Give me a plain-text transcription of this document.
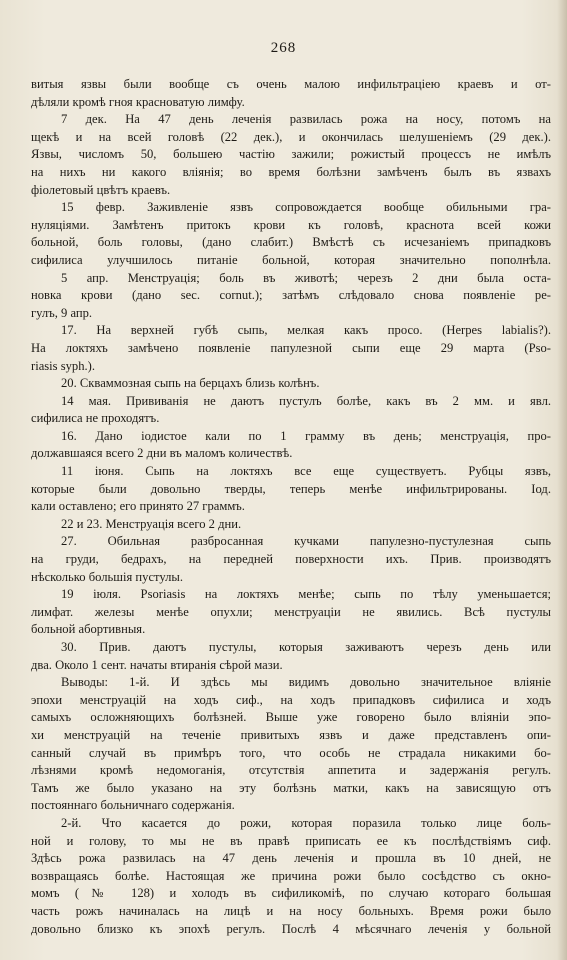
268
витыя язвы были вообще съ очень малою инфильтрацiею краевъ и от-
дѣляли кромѣ гноя красноватую лимфу.
7 дек. На 47 день леченiя развилась рожа на носу, потомъ на
щекѣ и на всей головѣ (22 дек.), и окончилась шелушенiемъ (29 дек.).
Язвы, числомъ 50, большею частiю зажили; рожистый процессъ не имѣлъ
на нихъ ни какого влiянiя; во время болѣзни замѣченъ былъ въ язвахъ
фiолетовый цвѣтъ краевъ.
15 февр. Заживленiе язвъ сопровождается вообще обильными гра-
нуляцiями. Замѣтенъ притокъ крови къ головѣ, краснота всей кожи
больной, боль головы, (дано слабит.) Вмѣстѣ съ исчезанiемъ припадковъ
сифилиса улучшилось питанiе больной, которая значительно пополнѣла.
5 апр. Менструацiя; боль въ животѣ; черезъ 2 дни была оста-
новка крови (дано sec. cornut.); затѣмъ слѣдовало снова появленiе ре-
гулъ, 9 апр.
17. На верхней губѣ сыпь, мелкая какъ просо. (Herpes labialis?).
На локтяхъ замѣчено появленiе папулезной сыпи еще 29 марта (Pso-
riasis syph.).
20. Скваммозная сыпь на берцахъ близь колѣнъ.
14 мая. Прививанiя не даютъ пустулъ болѣе, какъ въ 2 мм. и явл.
сифилиса не проходятъ.
16. Дано iодистое кали по 1 грамму въ день; менструацiя, про-
должавшаяся всего 2 дни въ маломъ количествѣ.
11 iюня. Сыпь на локтяхъ все еще существуетъ. Рубцы язвъ,
которые были довольно тверды, теперь менѣе инфильтрированы. Iод.
кали оставлено; его принято 27 граммъ.
22 и 23. Менструацiя всего 2 дни.
27. Обильная разбросанная кучками папулезно-пустулезная сыпь
на груди, бедрахъ, на передней поверхности ихъ. Прив. производятъ
нѣсколько большiя пустулы.
19 iюля. Psoriasis на локтяхъ менѣе; сыпь по тѣлу уменьшается;
лимфат. железы менѣе опухли; менструацiи не явились. Всѣ пустулы
больной абортивныя.
30. Прив. даютъ пустулы, которыя заживаютъ черезъ день или
два. Около 1 сент. начаты втиранiя сѣрой мази.
Выводы: 1-й. И здѣсь мы видимъ довольно значительное влiянiе
эпохи менструацiй на ходъ сиф., на ходъ припадковъ сифилиса и ходъ
самыхъ осложняющихъ болѣзней. Выше уже говорено было влiянiи эпо-
хи менструацiй на теченiе привитыхъ язвъ и даже представленъ опи-
санный случай въ примѣръ того, что особь не страдала никакими бо-
лѣзнями кромѣ недомоганiя, отсутствiя аппетита и задержанiя регулъ.
Тамъ же было указано на эту болѣзнь матки, какъ на зависящую отъ
постояннаго больничнаго содержанiя.
2-й. Что касается до рожи, которая поразила только лице боль-
ной и голову, то мы не въ правѣ приписать ее къ послѣдствiямъ сиф.
Здѣсь рожа развилась на 47 день леченiя и прошла въ 10 дней, не
возвращаясь болѣе. Настоящая же причина рожи было сосѣдство съ окно-
момъ (№ 128) и холодъ въ сифиликомiѣ, по случаю котораго большая
часть рожъ начиналась на лицѣ и на носу больныхъ. Время рожи было
довольно близко къ эпохѣ регулъ. Послѣ 4 мѣсячнаго леченiя у больной
